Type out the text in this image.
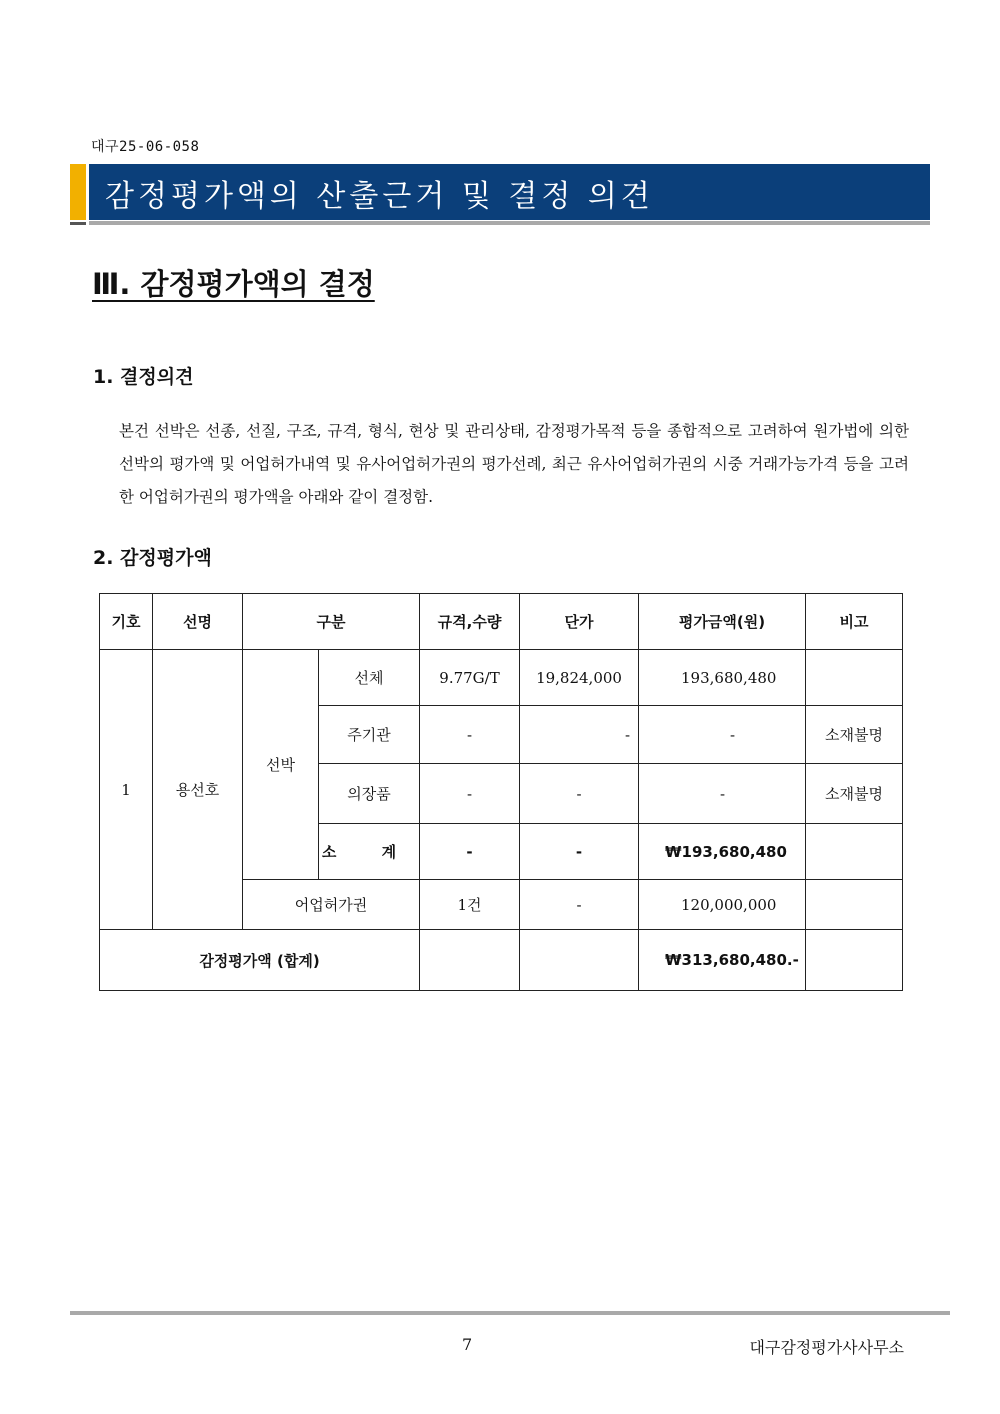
대구25-06-058
감정평가액의 산출근거 및 결정 의견
Ⅲ. 감정평가액의 결정
1. 결정의견
본건 선박은 선종, 선질, 구조, 규격, 형식, 현상 및 관리상태, 감정평가목적 등을 종합적으로 고려하여 원가법에 의한 선박의 평가액 및 어업허가내역 및 유사어업허가권의 평가선례, 최근 유사어업허가권의 시중 거래가능가격 등을 고려한 어업허가권의 평가액을 아래와 같이 결정함.
2. 감정평가액
기호	선명	구분		규격,수량	단가	평가금액(원)	비고
1	용선호	선박	선체	9.77G/T	19,824,000	193,680,480	
			주기관	-	-	-	소재불명
			의장품	-	-	-	소재불명
			소 계	-	-	₩193,680,480	
		어업허가권		1건	-	120,000,000	
감정평가액 (합계)						₩313,680,480.-	
7	대구감정평가사사무소
